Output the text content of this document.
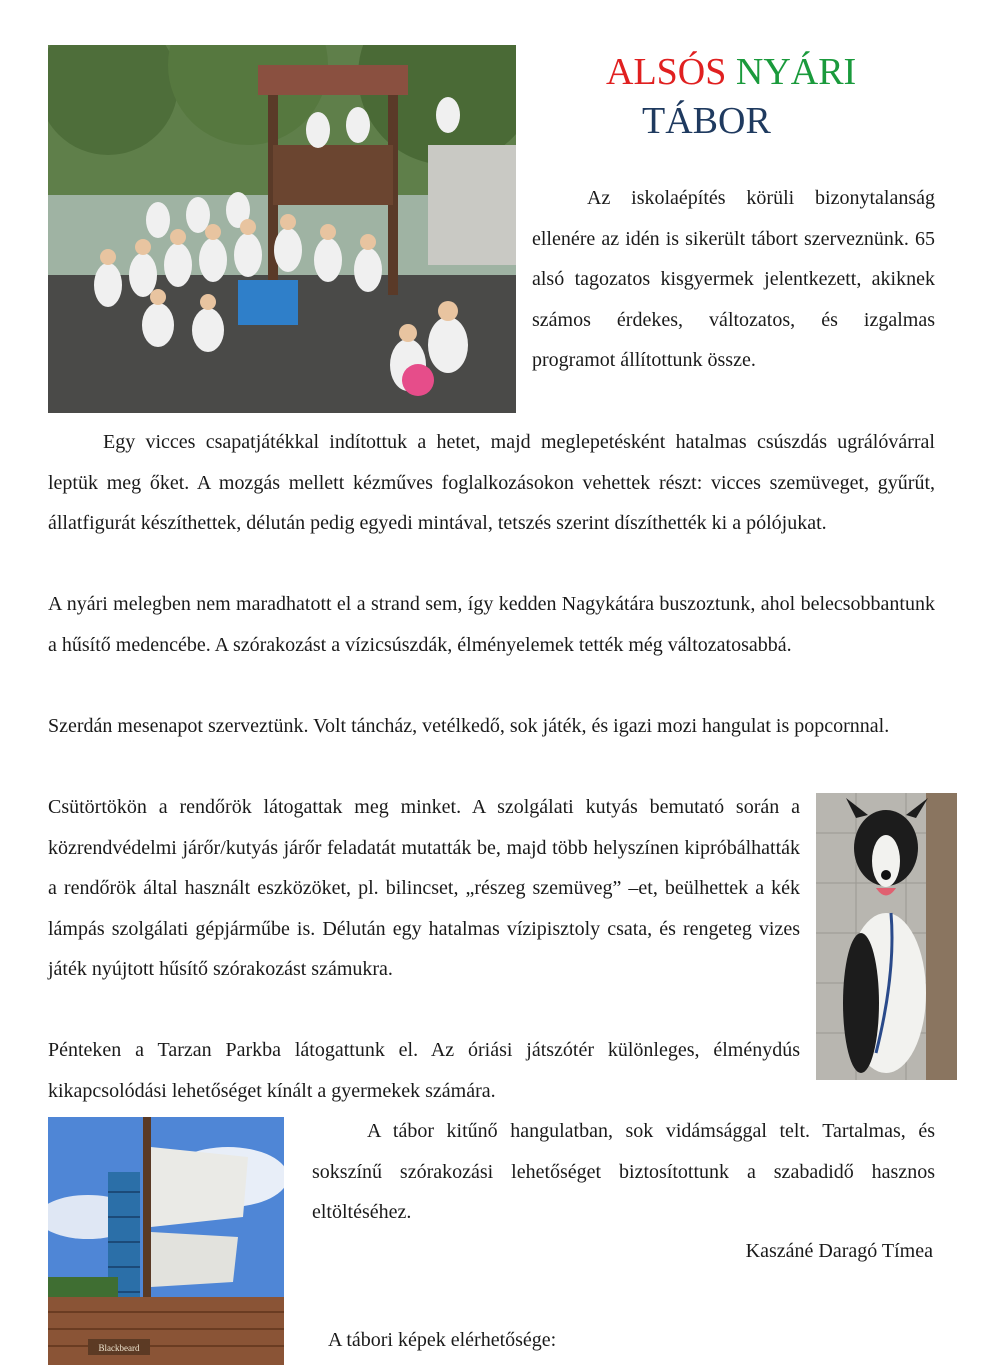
ALSÓS NYÁRI
TÁBOR

Az iskolaépítés körüli bizonytalanság ellenére az idén is sikerült tábort szerveznünk. 65 alsó tagozatos kisgyermek jelentkezett, akiknek számos érdekes, változatos, és izgalmas programot állítottunk össze.

Egy vicces csapatjátékkal indítottuk a hetet, majd meglepetésként hatalmas csúszdás ugrálóvárral leptük meg őket. A mozgás mellett kézműves foglalkozásokon vehettek részt: vicces szemüveget, gyűrűt, állatfigurát készíthettek, délután pedig egyedi mintával, tetszés szerint díszíthették ki a pólójukat.

A nyári melegben nem maradhatott el a strand sem, így kedden Nagykátára buszoztunk, ahol belecsobbantunk a hűsítő medencébe. A szórakozást a vízicsúszdák, élményelemek tették még változatosabbá.

Szerdán mesenapot szerveztünk. Volt táncház, vetélkedő, sok játék, és igazi mozi hangulat is popcornnal.

Csütörtökön a rendőrök látogattak meg minket. A szolgálati kutyás bemutató során a közrendvédelmi járőr/kutyás járőr feladatát mutatták be, majd több helyszínen kipróbálhatták a rendőrök által használt eszközöket, pl. bilincset, „részeg szemüveg” –et, beülhettek a kék lámpás szolgálati gépjárműbe is. Délután egy hatalmas vízipisztoly csata, és rengeteg vizes játék nyújtott hűsítő szórakozást számukra.

Pénteken a Tarzan Parkba látogattunk el. Az óriási játszótér különleges, élménydús kikapcsolódási lehetőséget kínált a gyermekek számára.

Blackbeard

A tábor kitűnő hangulatban, sok vidámsággal telt. Tartalmas, és sokszínű szórakozási lehetőséget biztosítottunk a szabadidő hasznos eltöltéséhez.

Kaszáné Daragó Tímea

A tábori képek elérhetősége:
